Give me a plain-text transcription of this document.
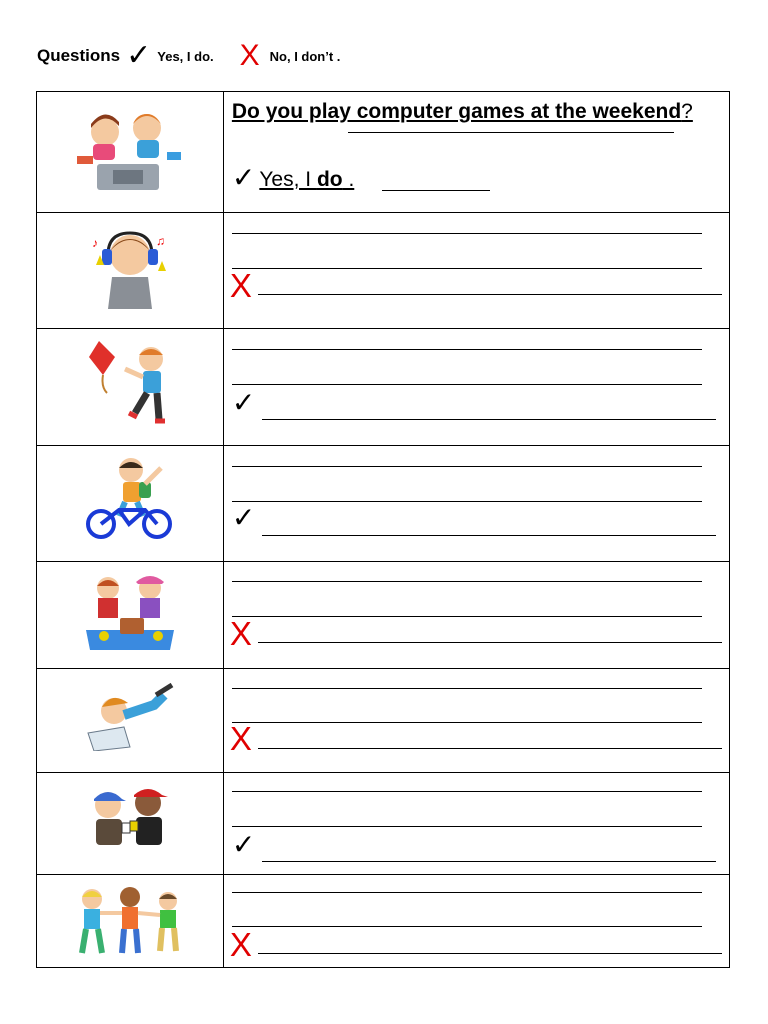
Questions ✓ Yes, I do. X No, I don’t .

Do you play computer games at the weekend?
✓ Yes, I do .

♪ ♫	X

✓

✓

X

X

✓

X
